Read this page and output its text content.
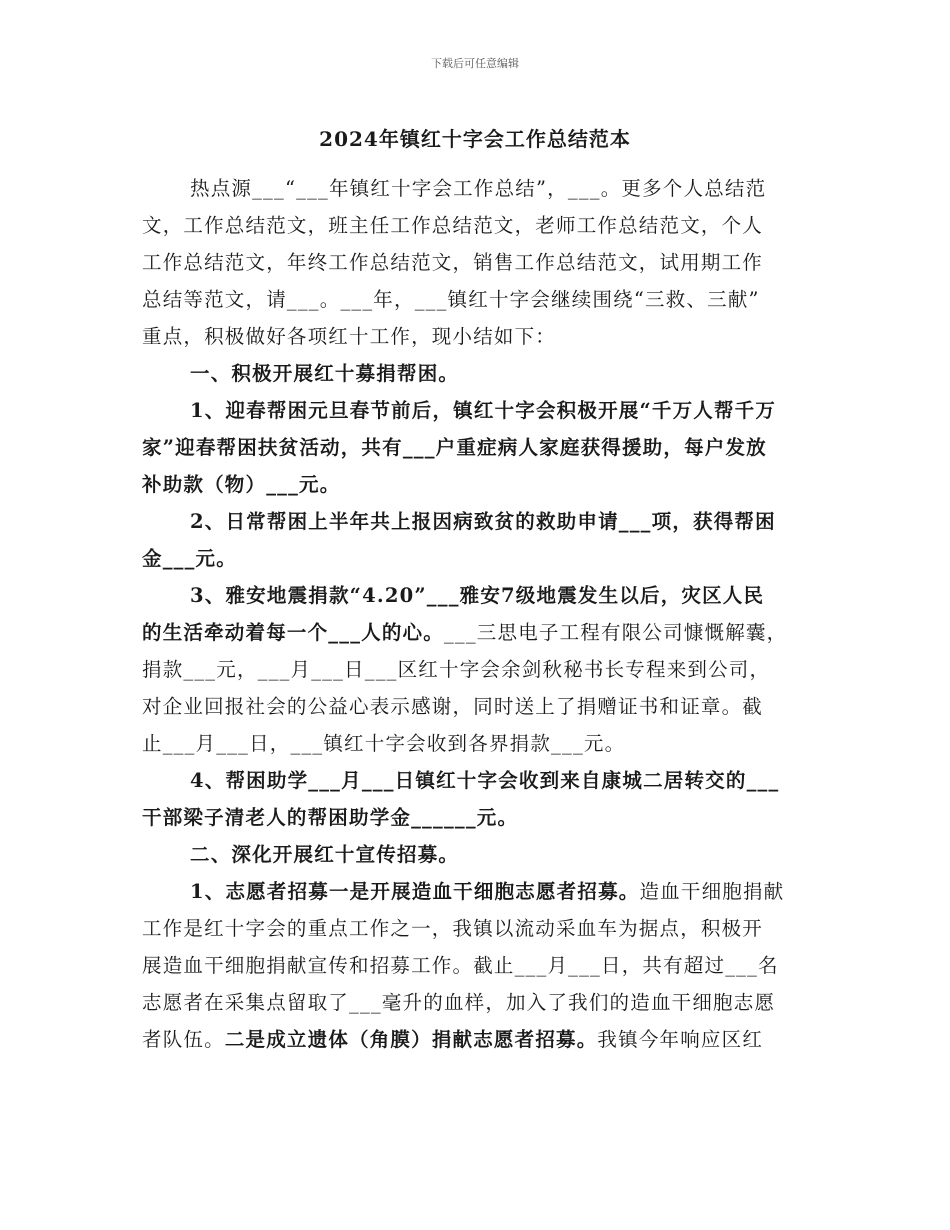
下载后可任意编辑
2024年镇红十字会工作总结范本
热点源___“___年镇红十字会工作总结”，___。更多个人总结范
文，工作总结范文，班主任工作总结范文，老师工作总结范文，个人
工作总结范文，年终工作总结范文，销售工作总结范文，试用期工作
总结等范文，请___。___年，___镇红十字会继续围绕“三救、三献”
重点，积极做好各项红十工作，现小结如下：
一、积极开展红十募捐帮困。
1、迎春帮困元旦春节前后，镇红十字会积极开展“千万人帮千万
家”迎春帮困扶贫活动，共有___户重症病人家庭获得援助，每户发放
补助款（物）___元。
2、日常帮困上半年共上报因病致贫的救助申请___项，获得帮困
金___元。
3、雅安地震捐款“4.20”___雅安7级地震发生以后，灾区人民
的生活牵动着每一个___人的心。___三思电子工程有限公司慷慨解囊，
捐款___元，___月___日___区红十字会余剑秋秘书长专程来到公司，
对企业回报社会的公益心表示感谢，同时送上了捐赠证书和证章。截
止___月___日，___镇红十字会收到各界捐款___元。
4、帮困助学___月___日镇红十字会收到来自康城二居转交的___
干部梁子清老人的帮困助学金______元。
二、深化开展红十宣传招募。
1、志愿者招募一是开展造血干细胞志愿者招募。造血干细胞捐献
工作是红十字会的重点工作之一，我镇以流动采血车为据点，积极开
展造血干细胞捐献宣传和招募工作。截止___月___日，共有超过___名
志愿者在采集点留取了___毫升的血样，加入了我们的造血干细胞志愿
者队伍。二是成立遗体（角膜）捐献志愿者招募。我镇今年响应区红
